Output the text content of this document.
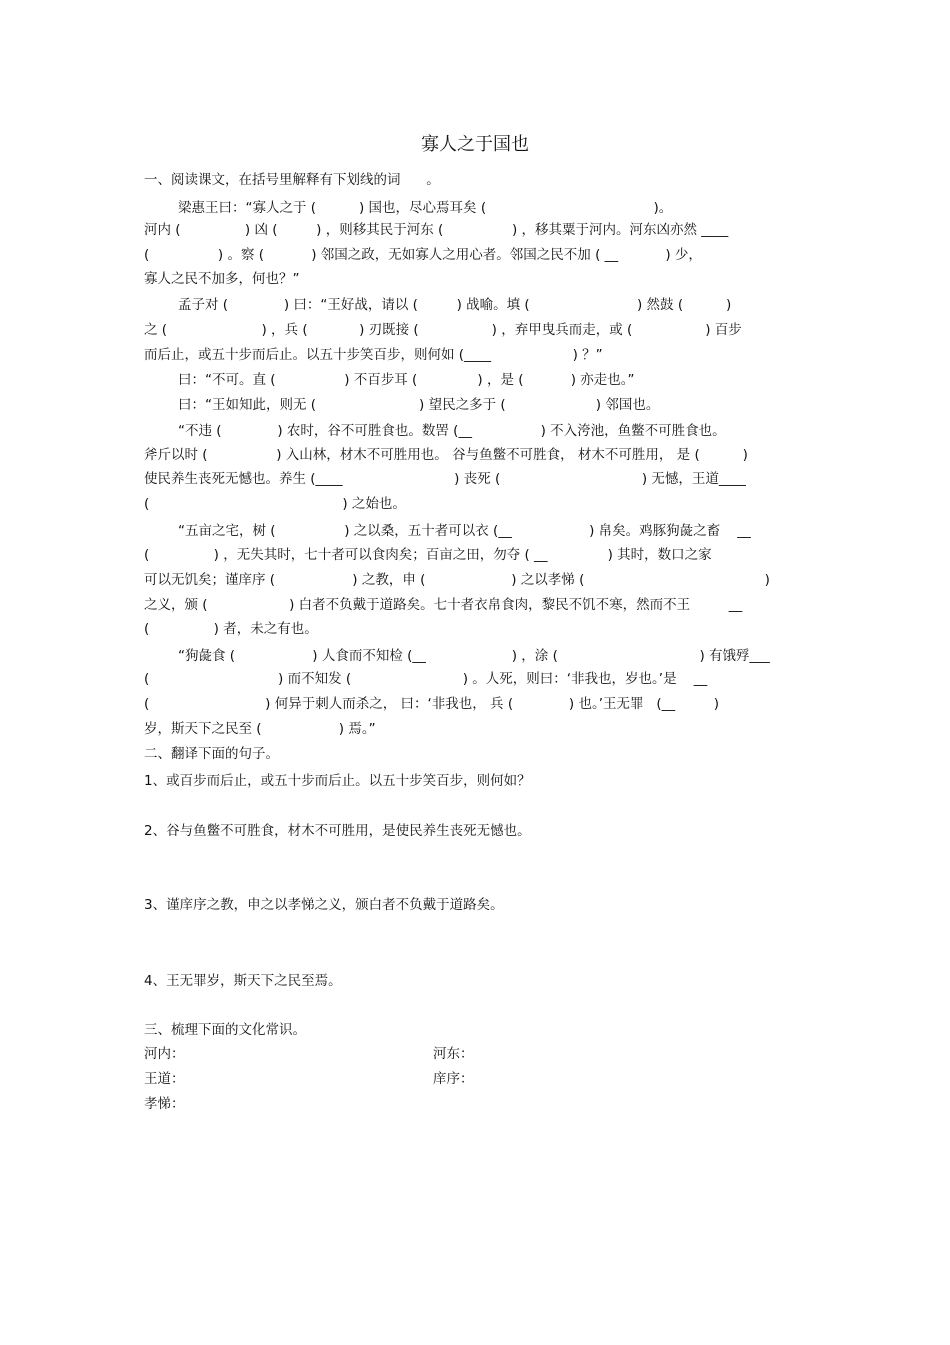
寡人之于国也
一、阅读课文，在括号里解释有下划线的词      。
梁惠王曰：“寡人之于 (          ) 国也，尽心焉耳矣 (                                       )。
河内 (               ) 凶 (         ) ，则移其民于河东 (                ) ，移其粟于河内。河东凶亦然 ____
(                ) 。察 (           ) 邻国之政，无如寡人之用心者。邻国之民不加 ( __           ) 少，
寡人之民不加多，何也？”
孟子对 (             ) 曰：“王好战，请以 (         ) 战喻。填 (                         ) 然鼓 (          )
之 (                      ) ，兵 (            ) 刃既接 (                 ) ，弃甲曳兵而走，或 (                 ) 百步
而后止，或五十步而后止。以五十步笑百步，则何如 (____                   ) ？”
曰：“不可。直 (                ) 不百步耳 (              ) ，是 (           ) 亦走也。”
曰：“王如知此，则无 (                        ) 望民之多于 (                     ) 邻国也。
“不违 (             ) 农时，谷不可胜食也。数罟 (__                ) 不入洿池，鱼鳖不可胜食也。
斧斤以时 (                ) 入山林，材木不可胜用也。 谷与鱼鳖不可胜食， 材木不可胜用， 是 (          )
使民养生丧死无憾也。养生 (____                          ) 丧死 (                                 ) 无憾，王道____
(                                             ) 之始也。
“五亩之宅，树 (                ) 之以桑，五十者可以衣 (__                  ) 帛矣。鸡豚狗彘之畜    __
(               ) ，无失其时，七十者可以食肉矣；百亩之田，勿夺 ( __              ) 其时，数口之家
可以无饥矣；谨庠序 (                  ) 之教，申 (                    ) 之以孝悌 (                                          )
之义，颁 (                   ) 白者不负戴于道路矣。七十者衣帛食肉，黎民不饥不寒，然而不王         __
(               ) 者，未之有也。
“狗彘食 (                  ) 人食而不知检 (__                    ) ，涂 (                                 ) 有饿殍___
(                              ) 而不知发 (                          ) 。人死，则曰：‘非我也，岁也。’是    __
(                           ) 何异于刺人而杀之， 曰：‘非我也， 兵 (             ) 也。’王无罪   (__         )
岁，斯天下之民至 (                  ) 焉。”
二、翻译下面的句子。
1、或百步而后止，或五十步而后止。以五十步笑百步，则何如？
2、谷与鱼鳖不可胜食，材木不可胜用，是使民养生丧死无憾也。
3、谨庠序之教，申之以孝悌之义，颁白者不负戴于道路矣。
4、王无罪岁，斯天下之民至焉。
三、梳理下面的文化常识。
河内：	河东：
王道：	庠序：
孝悌：
